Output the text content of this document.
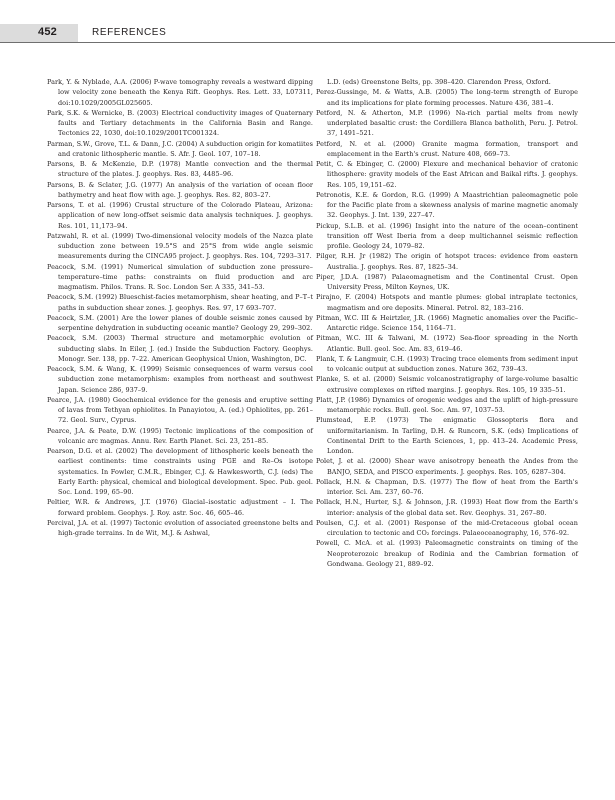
452	REFERENCES

Park, Y. & Nyblade, A.A. (2006) P-wave tomography reveals a westward dipping low velocity zone beneath the Kenya Rift. Geophys. Res. Lett. 33, L07311, doi:10.1029/2005GL025605.

Park, S.K. & Wernicke, B. (2003) Electrical conductivity images of Quaternary faults and Tertiary detachments in the California Basin and Range. Tectonics 22, 1030, doi:10.1029/2001TC001324.

Parman, S.W., Grove, T.L. & Dann, J.C. (2004) A subduction origin for komatiites and cratonic lithospheric mantle. S. Afr. J. Geol. 107, 107–18.

Parsons, B. & McKenzie, D.P. (1978) Mantle convection and the thermal structure of the plates. J. geophys. Res. 83, 4485–96.

Parsons, B. & Sclater, J.G. (1977) An analysis of the variation of ocean floor bathymetry and heat flow with age. J. geophys. Res. 82, 803–27.

Parsons, T. et al. (1996) Crustal structure of the Colorado Plateau, Arizona: application of new long-offset seismic data analysis techniques. J. geophys. Res. 101, 11,173–94.

Patzwahl, R. et al. (1999) Two-dimensional velocity models of the Nazca plate subduction zone between 19.5°S and 25°S from wide angle seismic measurements during the CINCA95 project. J. geophys. Res. 104, 7293–317.

Peacock, S.M. (1991) Numerical simulation of subduction zone pressure–temperature–time paths: constraints on fluid production and arc magmatism. Philos. Trans. R. Soc. London Ser. A 335, 341–53.

Peacock, S.M. (1992) Blueschist-facies metamorphism, shear heating, and P–T–t paths in subduction shear zones. J. geophys. Res. 97, 17 693–707.

Peacock, S.M. (2001) Are the lower planes of double seismic zones caused by serpentine dehydration in subducting oceanic mantle? Geology 29, 299–302.

Peacock, S.M. (2003) Thermal structure and metamorphic evolution of subducting slabs. In Eiler, J. (ed.) Inside the Subduction Factory. Geophys. Monogr. Ser. 138, pp. 7–22. American Geophysical Union, Washington, DC.

Peacock, S.M. & Wang, K. (1999) Seismic consequences of warm versus cool subduction zone metamorphism: examples from northeast and southwest Japan. Science 286, 937–9.

Pearce, J.A. (1980) Geochemical evidence for the genesis and eruptive setting of lavas from Tethyan ophiolites. In Panayiotou, A. (ed.) Ophiolites, pp. 261–72. Geol. Surv., Cyprus.

Pearce, J.A. & Peate, D.W. (1995) Tectonic implications of the composition of volcanic arc magmas. Annu. Rev. Earth Planet. Sci. 23, 251–85.

Pearson, D.G. et al. (2002) The development of lithospheric keels beneath the earliest continents: time constraints using PGE and Re–Os isotope systematics. In Fowler, C.M.R., Ebinger, C.J. & Hawkesworth, C.J. (eds) The Early Earth: physical, chemical and biological development. Spec. Pub. geol. Soc. Lond. 199, 65–90.

Peltier, W.R. & Andrews, J.T. (1976) Glacial–isostatic adjustment – I. The forward problem. Geophys. J. Roy. astr. Soc. 46, 605–46.

Percival, J.A. et al. (1997) Tectonic evolution of associated greenstone belts and high-grade terrains. In de Wit, M.J. & Ashwal,

L.D. (eds) Greenstone Belts, pp. 398–420. Clarendon Press, Oxford.

Perez-Gussinge, M. & Watts, A.B. (2005) The long-term strength of Europe and its implications for plate forming processes. Nature 436, 381–4.

Petford, N. & Atherton, M.P. (1996) Na-rich partial melts from newly underplated basaltic crust: the Cordillera Blanca batholith, Peru. J. Petrol. 37, 1491–521.

Petford, N. et al. (2000) Granite magma formation, transport and emplacement in the Earth's crust. Nature 408, 669–73.

Petit, C. & Ebinger, C. (2000) Flexure and mechanical behavior of cratonic lithosphere: gravity models of the East African and Baikal rifts. J. geophys. Res. 105, 19,151–62.

Petronotis, K.E. & Gordon, R.G. (1999) A Maastrichtian paleomagnetic pole for the Pacific plate from a skewness analysis of marine magnetic anomaly 32. Geophys. J. Int. 139, 227–47.

Pickup, S.L.B. et al. (1996) Insight into the nature of the ocean–continent transition off West Iberia from a deep multichannel seismic reflection profile. Geology 24, 1079–82.

Pilger, R.H. Jr (1982) The origin of hotspot traces: evidence from eastern Australia. J. geophys. Res. 87, 1825–34.

Piper, J.D.A. (1987) Palaeomagnetism and the Continental Crust. Open University Press, Milton Keynes, UK.

Pirajno, F. (2004) Hotspots and mantle plumes: global intraplate tectonics, magmatism and ore deposits. Mineral. Petrol. 82, 183–216.

Pitman, W.C. III & Heirtzler, J.R. (1966) Magnetic anomalies over the Pacific–Antarctic ridge. Science 154, 1164–71.

Pitman, W.C. III & Talwani, M. (1972) Sea-floor spreading in the North Atlantic. Bull. geol. Soc. Am. 83, 619–46.

Plank, T. & Langmuir, C.H. (1993) Tracing trace elements from sediment input to volcanic output at subduction zones. Nature 362, 739–43.

Planke, S. et al. (2000) Seismic volcanostratigraphy of large-volume basaltic extrusive complexes on rifted margins. J. geophys. Res. 105, 19 335–51.

Platt, J.P. (1986) Dynamics of orogenic wedges and the uplift of high-pressure metamorphic rocks. Bull. geol. Soc. Am. 97, 1037–53.

Plumstead, E.P. (1973) The enigmatic Glossopteris flora and uniformitarianism. In Tarling, D.H. & Runcorn, S.K. (eds) Implications of Continental Drift to the Earth Sciences, 1, pp. 413–24. Academic Press, London.

Polet, J. et al. (2000) Shear wave anisotropy beneath the Andes from the BANJO, SEDA, and PISCO experiments. J. geophys. Res. 105, 6287–304.

Pollack, H.N. & Chapman, D.S. (1977) The flow of heat from the Earth's interior. Sci. Am. 237, 60–76.

Pollack, H.N., Hurter, S.J. & Johnson, J.R. (1993) Heat flow from the Earth's interior: analysis of the global data set. Rev. Geophys. 31, 267–80.

Poulsen, C.J. et al. (2001) Response of the mid-Cretaceous global ocean circulation to tectonic and CO₂ forcings. Palaeoceanography, 16, 576–92.

Powell, C. McA. et al. (1993) Paleomagnetic constraints on timing of the Neoproterozoic breakup of Rodinia and the Cambrian formation of Gondwana. Geology 21, 889–92.
